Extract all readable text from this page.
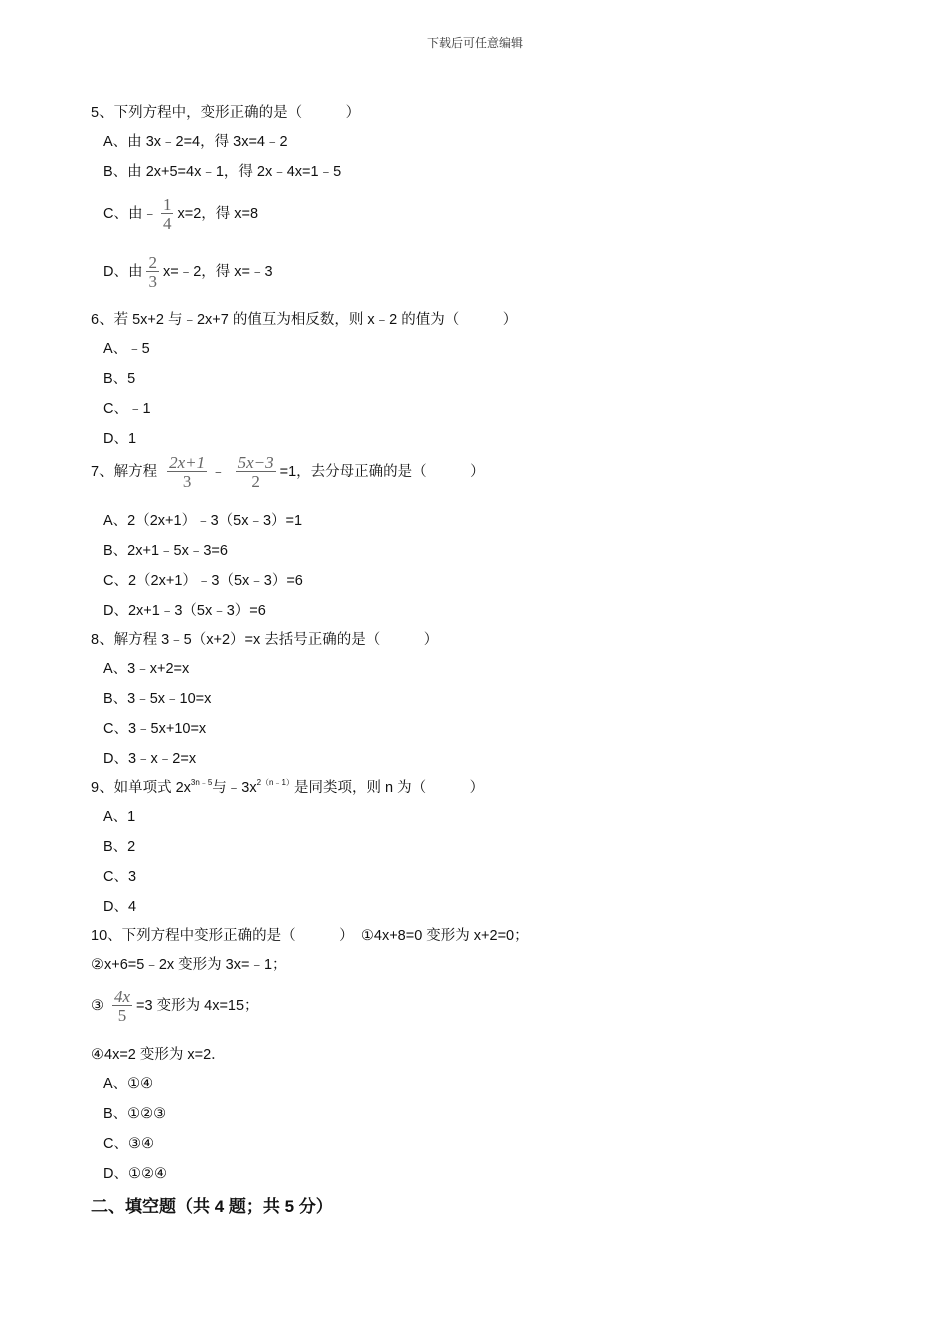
下载后可任意编辑
5、下列方程中，变形正确的是（　　　）
A、由 3x﹣2=4，得 3x=4﹣2
B、由 2x+5=4x﹣1，得 2x﹣4x=1﹣5
C、由﹣ $\frac{1}{4} x=2$，得 x=8
D、由 $\frac{2}{3}$ x=﹣2，得 x=﹣3
6、若 5x+2 与﹣2x+7 的值互为相反数，则 x﹣2 的值为（　　　）
A、﹣5
B、5
C、﹣1
D、1
7、解方程 $\frac{2x+1}{3}$ ﹣ $\frac{5x-3}{2} =1$，去分母正确的是（　　　）
A、2（2x+1）﹣3（5x﹣3）=1
B、2x+1﹣5x﹣3=6
C、2（2x+1）﹣3（5x﹣3）=6
D、2x+1﹣3（5x﹣3）=6
8、解方程 3﹣5（x+2）=x 去括号正确的是（　　　）
A、3﹣x+2=x
B、3﹣5x﹣10=x
C、3﹣5x+10=x
D、3﹣x﹣2=x
9、如单项式 $2x^{3n﹣5}$与$﹣3x^{2(n﹣1)}$是同类项，则 n 为（　　　）
A、1
B、2
C、3
D、4
10、下列方程中变形正确的是（　　　）　①4x+8=0 变形为 x+2=0；
②x+6=5﹣2x 变形为 3x=﹣1；
③ $\frac{4x}{5} =3$ 变形为 4x=15；
④4x=2 变形为 x=2．
A、①④
B、①②③
C、③④
D、①②④
二、填空题（共 4 题；共 5 分）
